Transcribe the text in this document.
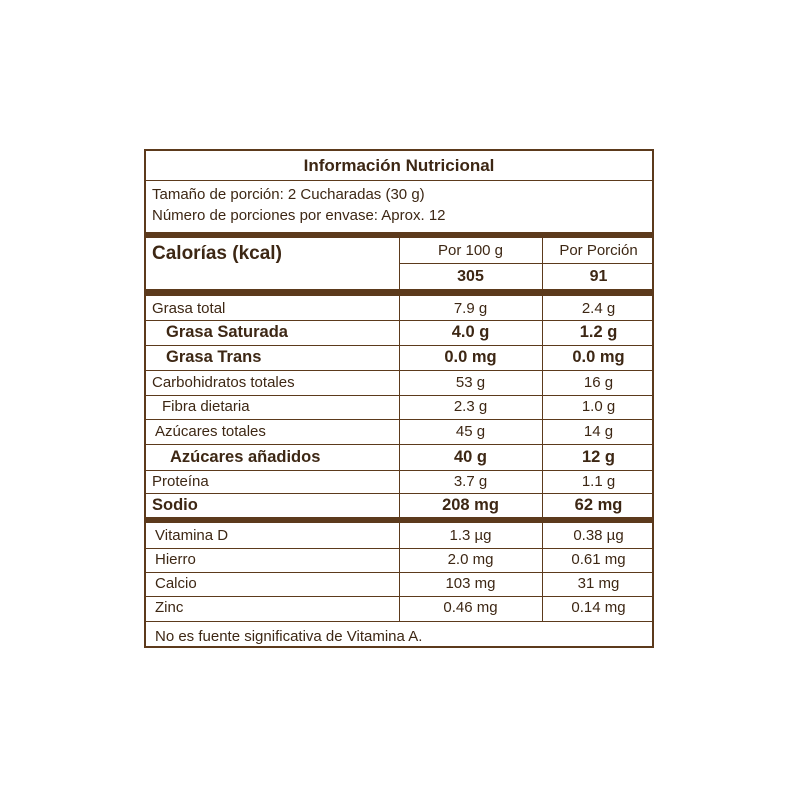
Información Nutricional
Tamaño de porción: 2 Cucharadas (30 g)
Número de porciones por envase: Aprox. 12
Calorías (kcal)	Por 100 g	Por Porción
305	91
Grasa total	7.9 g	2.4 g
Grasa Saturada	4.0 g	1.2 g
Grasa Trans	0.0 mg	0.0 mg
Carbohidratos totales	53 g	16 g
Fibra dietaria	2.3 g	1.0 g
Azúcares totales	45 g	14 g
Azúcares añadidos	40 g	12 g
Proteína	3.7 g	1.1 g
Sodio	208 mg	62 mg
Vitamina D	1.3 µg	0.38 µg
Hierro	2.0 mg	0.61 mg
Calcio	103 mg	31 mg
Zinc	0.46 mg	0.14 mg
No es fuente significativa de Vitamina A.
